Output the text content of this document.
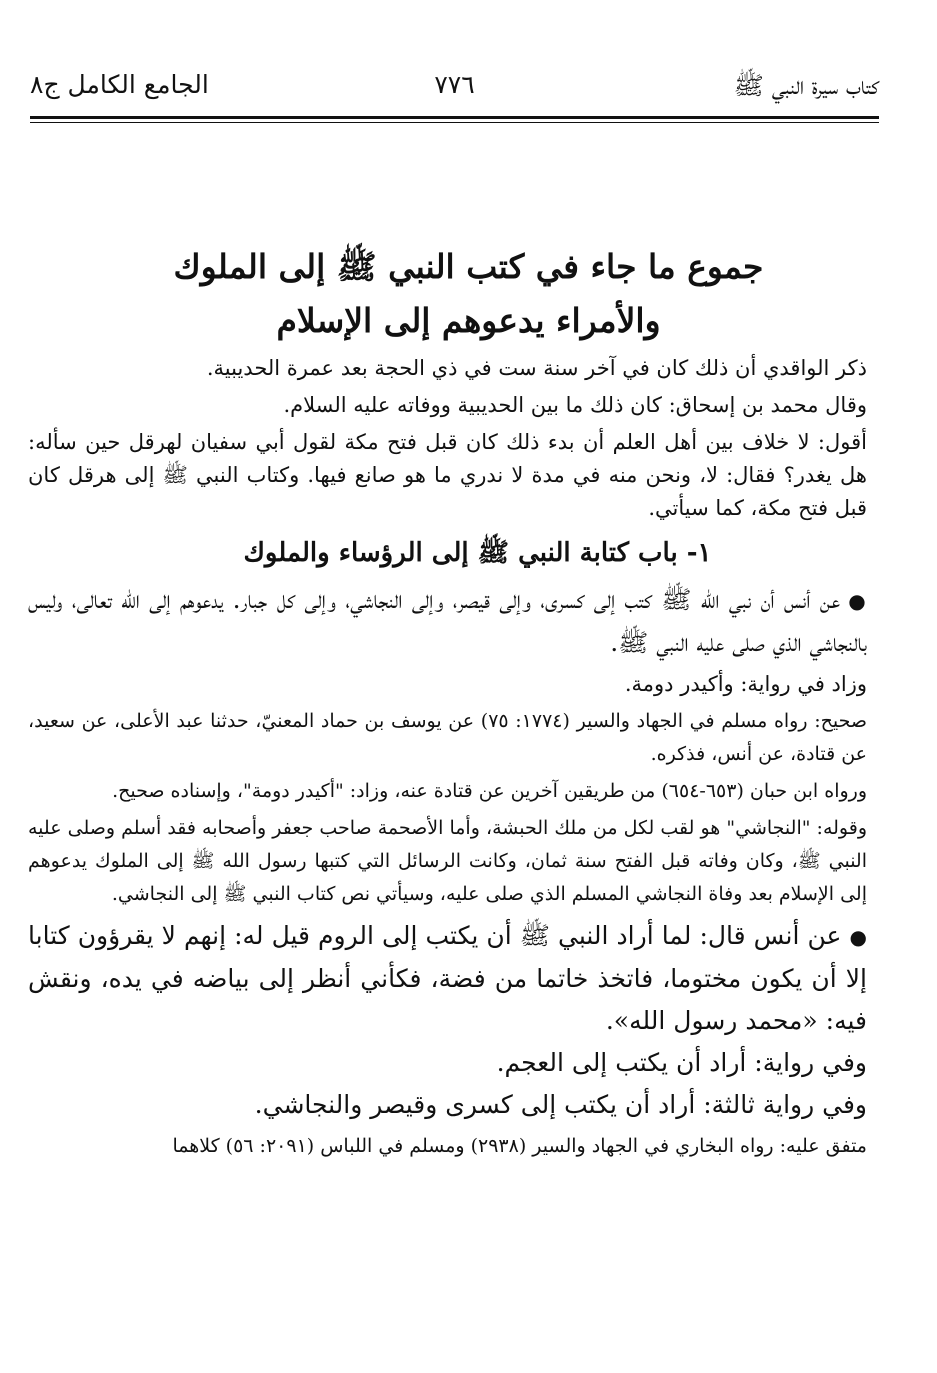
كتاب سيرة النبي ﷺ
٧٧٦
الجامع الكامل ج٨
جموع ما جاء في كتب النبي ﷺ إلى الملوك
والأمراء يدعوهم إلى الإسلام

ذكر الواقدي أن ذلك كان في آخر سنة ست في ذي الحجة بعد عمرة الحديبية.

وقال محمد بن إسحاق: كان ذلك ما بين الحديبية ووفاته عليه السلام.

أقول: لا خلاف بين أهل العلم أن بدء ذلك كان قبل فتح مكة لقول أبي سفيان لهرقل حين سأله: هل يغدر؟ فقال: لا، ونحن منه في مدة لا ندري ما هو صانع فيها. وكتاب النبي ﷺ إلى هرقل كان قبل فتح مكة، كما سيأتي.

١- باب كتابة النبي ﷺ إلى الرؤساء والملوك

●عن أنس أن نبي الله ﷺ كتب إلى كسرى، وإلى قيصر، وإلى النجاشي، وإلى كل جبار. يدعوهم إلى الله تعالى، وليس بالنجاشي الذي صلى عليه النبي ﷺ.

وزاد في رواية: وأكيدر دومة.

صحيح: رواه مسلم في الجهاد والسير (١٧٧٤: ٧٥) عن يوسف بن حماد المعنيّ، حدثنا عبد الأعلى، عن سعيد، عن قتادة، عن أنس، فذكره.

ورواه ابن حبان (٦٥٣-٦٥٤) من طريقين آخرين عن قتادة عنه، وزاد: "أكيدر دومة"، وإسناده صحيح.

وقوله: "النجاشي" هو لقب لكل من ملك الحبشة، وأما الأصحمة صاحب جعفر وأصحابه فقد أسلم وصلى عليه النبي ﷺ، وكان وفاته قبل الفتح سنة ثمان، وكانت الرسائل التي كتبها رسول الله ﷺ إلى الملوك يدعوهم إلى الإسلام بعد وفاة النجاشي المسلم الذي صلى عليه، وسيأتي نص كتاب النبي ﷺ إلى النجاشي.

●عن أنس قال: لما أراد النبي ﷺ أن يكتب إلى الروم قيل له: إنهم لا يقرؤون كتابا إلا أن يكون مختوما، فاتخذ خاتما من فضة، فكأني أنظر إلى بياضه في يده، ونقش فيه: «محمد رسول الله».

وفي رواية: أراد أن يكتب إلى العجم.

وفي رواية ثالثة: أراد أن يكتب إلى كسرى وقيصر والنجاشي.

متفق عليه: رواه البخاري في الجهاد والسير (٢٩٣٨) ومسلم في اللباس (٢٠٩١: ٥٦) كلاهما
